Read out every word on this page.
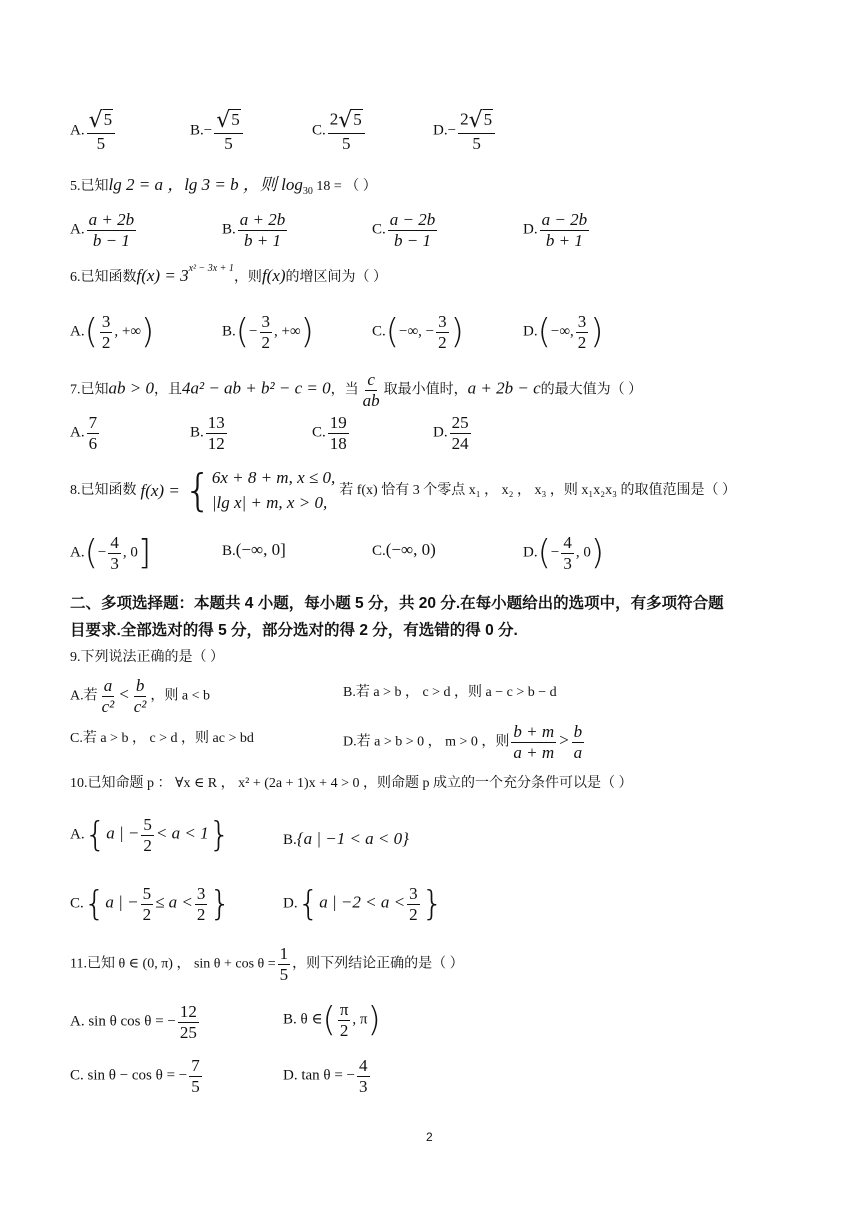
A. $\frac{√5}{5}$	$B.- \frac{√5}{5}$	C. $\frac{2√5}{5}$	$D.- \frac{2√5}{5}$
5.已知lg 2 = a ，lg 3 = b ，则 $\log_{30} 18$ = （ ）
A. $\frac{a + 2b}{b - 1}$	B. $\frac{a + 2b}{b + 1}$	C. $\frac{a - 2b}{b - 1}$	D. $\frac{a - 2b}{b + 1}$
6.已知函数$f(x) = 3^{x^2 - 3x + 1}$，则f(x)的增区间为（ ）
$A.( \frac{3}{2}$ , +∞)	$B.(- \frac{3}{2}$ , +∞)	C.(−∞, − $\frac{3}{2}$ )	D.(−∞, $\frac{3}{2}$ )
7.已知ab > 0，且4a² − ab + b² − c = 0，当 $\frac{c}{ab}$ 取最小值时，a + 2b − c的最大值为（ ）
A. $\frac{7}{6}$	B. $\frac{13}{12}$	C. $\frac{19}{18}$	D. $\frac{25}{24}$
8.已知函数 f(x) = { 6x + 8 + m, x ≤ 0,
|lg x| + m, x > 0,
若 f(x) 恰有 3 个零点 x₁ ， x₂ ， x₃ ，则 x₁x₂x₃ 的取值范围是（ ）
$A.(- \frac{4}{3}$ , 0]	B.(−∞, 0]	C.(−∞, 0)	$D.(- \frac{4}{3}$ , 0)
二、多项选择题：本题共 4 小题，每小题 5 分，共 20 分.在每小题给出的选项中，有多项符合题
目要求.全部选对的得 5 分，部分选对的得 2 分，有选错的得 0 分.
9.下列说法正确的是（ ）
A.若 $\frac{a}{\text{c²}} < \frac{b}{\text{c²}}$ ，则 a < b	B.若 a > b ， c > d ，则 a − c > b − d
C.若 a > b ， c > d ，则 ac > bd	D.若 a > b > 0 ， m > 0 ，则 $\frac{b + m}{a + m} > \frac{b}{a}$
10.已知命题 p ： ∀x ∈ R ， x² + (2a + 1)x + 4 > 0 ，则命题 p 成立的一个充分条件可以是（ ）
A.{a | − $\frac{5}{2} < a < 1$}	B.{a | −1 < a < 0}
C.{a | − $\frac{5}{2} \le a < \frac{3}{2}$ }	D.{a | $-2 < a < \frac{3}{2}$ }
11.已知 θ ∈ (0, π) ， $\sin \theta + \cos \theta = \frac{1}{5}$ ，则下列结论正确的是（ ）
A. sin θ cos θ = − $\frac{12}{25}$	B. θ ∈( $\frac{\pi}{2}$ , π)
C. sin θ − cos θ = − $\frac{7}{5}$	D. tan θ = − $\frac{4}{3}$
2
